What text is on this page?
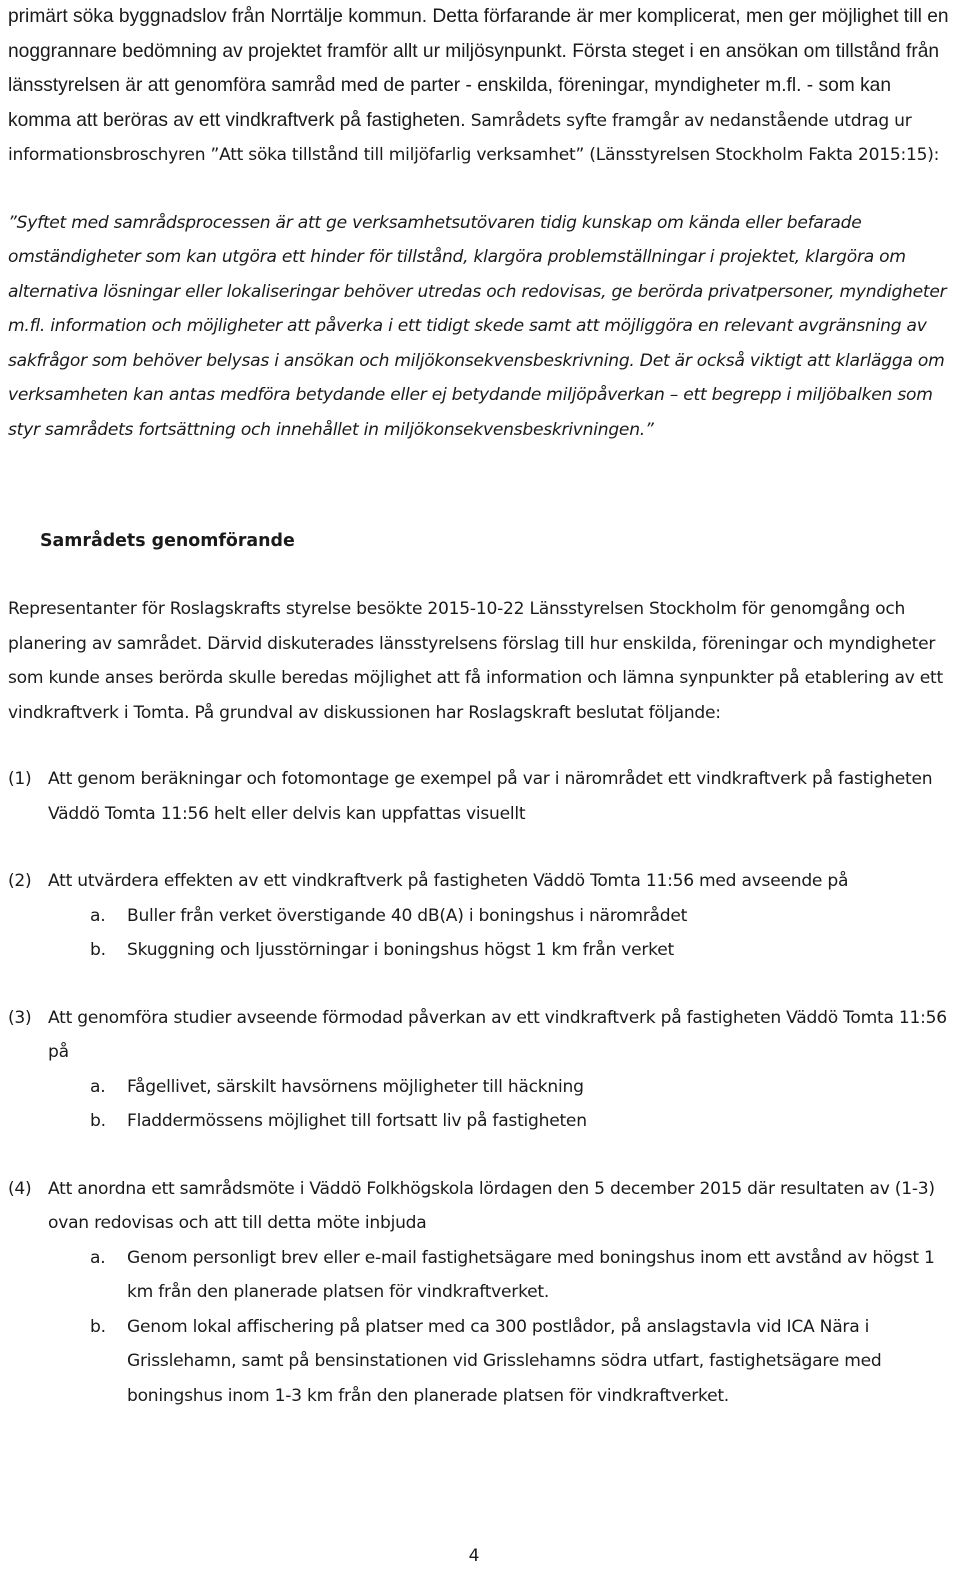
primärt söka byggnadslov från Norrtälje kommun. Detta förfarande är mer komplicerat, men ger möjlighet till en noggrannare bedömning av projektet framför allt ur miljösynpunkt. Första steget i en ansökan om tillstånd från länsstyrelsen är att genomföra samråd med de parter - enskilda, föreningar, myndigheter m.fl. - som kan komma att beröras av ett vindkraftverk på fastigheten. Samrådets syfte framgår av nedanstående utdrag ur informationsbroschyren ”Att söka tillstånd till miljöfarlig verksamhet” (Länsstyrelsen Stockholm Fakta 2015:15):

”Syftet med samrådsprocessen är att ge verksamhetsutövaren tidig kunskap om kända eller befarade omständigheter som kan utgöra ett hinder för tillstånd, klargöra problemställningar i projektet, klargöra om alternativa lösningar eller lokaliseringar behöver utredas och redovisas, ge berörda privatpersoner, myndigheter m.fl. information och möjligheter att påverka i ett tidigt skede samt att möjliggöra en relevant avgränsning av sakfrågor som behöver belysas i ansökan och miljökonsekvensbeskrivning. Det är också viktigt att klarlägga om verksamheten kan antas medföra betydande eller ej betydande miljöpåverkan – ett begrepp i miljöbalken som styr samrådets fortsättning och innehållet in miljökonsekvensbeskrivningen.”

Samrådets genomförande

Representanter för Roslagskrafts styrelse besökte 2015-10-22 Länsstyrelsen Stockholm för genomgång och planering av samrådet. Därvid diskuterades länsstyrelsens förslag till hur enskilda, föreningar och myndigheter som kunde anses berörda skulle beredas möjlighet att få information och lämna synpunkter på etablering av ett vindkraftverk i Tomta. På grundval av diskussionen har Roslagskraft beslutat följande:

(1) Att genom beräkningar och fotomontage ge exempel på var i närområdet ett vindkraftverk på fastigheten Väddö Tomta 11:56 helt eller delvis kan uppfattas visuellt

(2) Att utvärdera effekten av ett vindkraftverk på fastigheten Väddö Tomta 11:56 med avseende på

a. Buller från verket överstigande 40 dB(A) i boningshus i närområdet

b. Skuggning och ljusstörningar i boningshus högst 1 km från verket

(3) Att genomföra studier avseende förmodad påverkan av ett vindkraftverk på fastigheten Väddö Tomta 11:56 på

a. Fågellivet, särskilt havsörnens möjligheter till häckning

b. Fladdermössens möjlighet till fortsatt liv på fastigheten

(4) Att anordna ett samrådsmöte i Väddö Folkhögskola lördagen den 5 december 2015 där resultaten av (1-3) ovan redovisas och att till detta möte inbjuda

a. Genom personligt brev eller e-mail fastighetsägare med boningshus inom ett avstånd av högst 1 km från den planerade platsen för vindkraftverket.

b. Genom lokal affischering på platser med ca 300 postlådor, på anslagstavla vid ICA Nära i Grisslehamn, samt på bensinstationen vid Grisslehamns södra utfart, fastighetsägare med boningshus inom 1-3 km från den planerade platsen för vindkraftverket.

4
